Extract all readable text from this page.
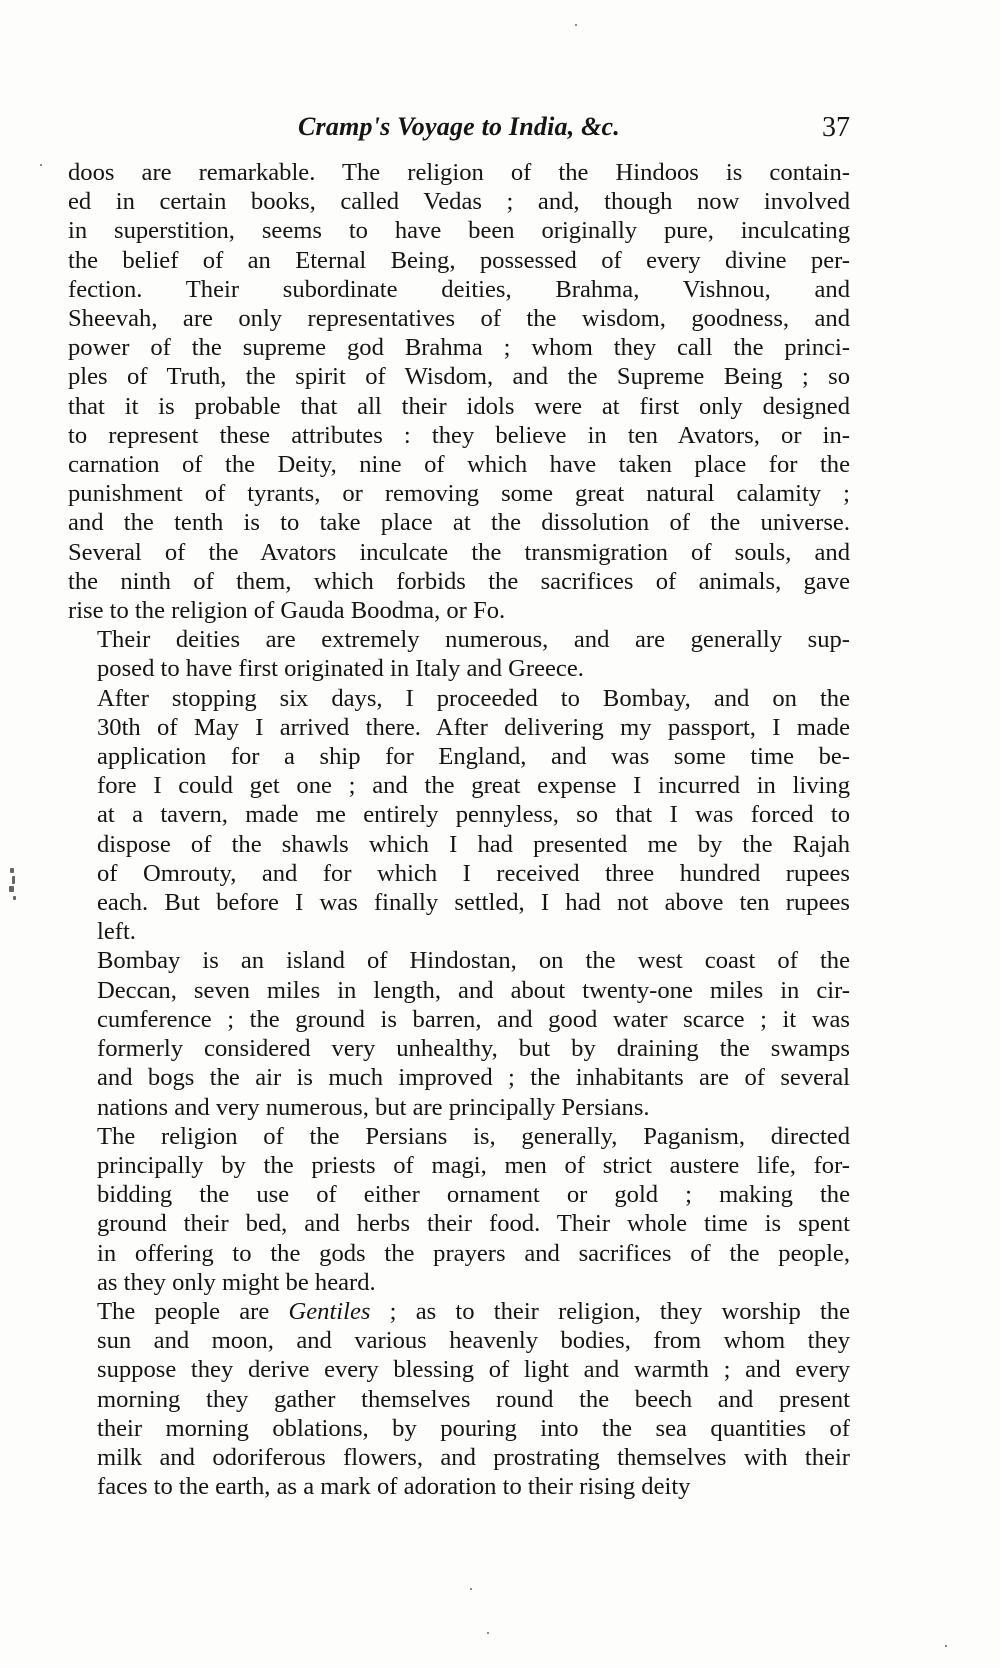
Cramp's Voyage to India, &c.	37
doos are remarkable. The religion of the Hindoos is contain-
ed in certain books, called Vedas ; and, though now involved
in superstition, seems to have been originally pure, inculcating
the belief of an Eternal Being, possessed of every divine per-
fection. Their subordinate deities, Brahma, Vishnou, and
Sheevah, are only representatives of the wisdom, goodness, and
power of the supreme god Brahma ; whom they call the princi-
ples of Truth, the spirit of Wisdom, and the Supreme Being ; so
that it is probable that all their idols were at first only designed
to represent these attributes : they believe in ten Avators, or in-
carnation of the Deity, nine of which have taken place for the
punishment of tyrants, or removing some great natural calamity ;
and the tenth is to take place at the dissolution of the universe.
Several of the Avators inculcate the transmigration of souls, and
the ninth of them, which forbids the sacrifices of animals, gave
rise to the religion of Gauda Boodma, or Fo.
Their deities are extremely numerous, and are generally sup-
posed to have first originated in Italy and Greece.
After stopping six days, I proceeded to Bombay, and on the
30th of May I arrived there. After delivering my passport, I made
application for a ship for England, and was some time be-
fore I could get one ; and the great expense I incurred in living
at a tavern, made me entirely pennyless, so that I was forced to
dispose of the shawls which I had presented me by the Rajah
of Omrouty, and for which I received three hundred rupees
each. But before I was finally settled, I had not above ten rupees
left.
Bombay is an island of Hindostan, on the west coast of the
Deccan, seven miles in length, and about twenty-one miles in cir-
cumference ; the ground is barren, and good water scarce ; it was
formerly considered very unhealthy, but by draining the swamps
and bogs the air is much improved ; the inhabitants are of several
nations and very numerous, but are principally Persians.
The religion of the Persians is, generally, Paganism, directed
principally by the priests of magi, men of strict austere life, for-
bidding the use of either ornament or gold ; making the
ground their bed, and herbs their food. Their whole time is spent
in offering to the gods the prayers and sacrifices of the people,
as they only might be heard.
The people are Gentiles ; as to their religion, they worship the
sun and moon, and various heavenly bodies, from whom they
suppose they derive every blessing of light and warmth ; and every
morning they gather themselves round the beech and present
their morning oblations, by pouring into the sea quantities of
milk and odoriferous flowers, and prostrating themselves with their
faces to the earth, as a mark of adoration to their rising deity
